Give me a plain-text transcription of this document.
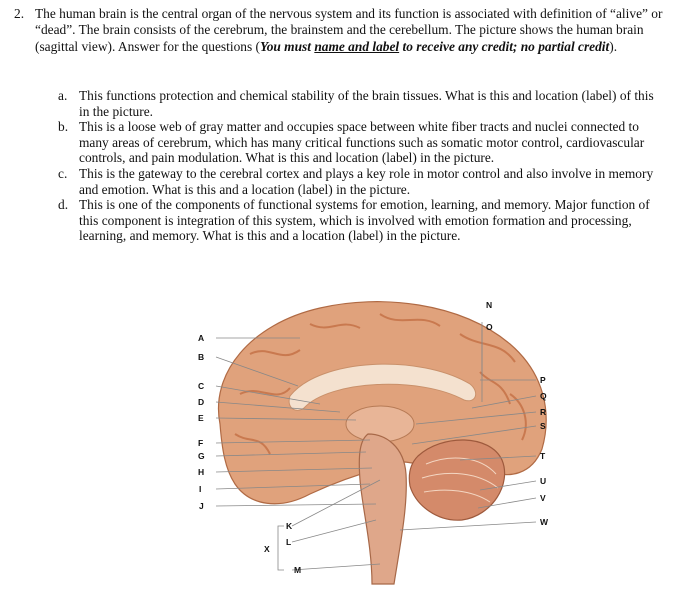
2. The human brain is the central organ of the nervous system and its function is associated with definition of “alive” or “dead”. The brain consists of the cerebrum, the brainstem and the cerebellum. The picture shows the human brain (sagittal view). Answer for the questions (You must name and label to receive any credit; no partial credit).
a. This functions protection and chemical stability of the brain tissues. What is this and location (label) of this in the picture.
b. This is a loose web of gray matter and occupies space between white fiber tracts and nuclei connected to many areas of cerebrum, which has many critical functions such as somatic motor control, cardiovascular controls, and pain modulation. What is this and location (label) in the picture.
c. This is the gateway to the cerebral cortex and plays a key role in motor control and also involve in memory and emotion. What is this and a location (label) in the picture.
d. This is one of the components of functional systems for emotion, learning, and memory. Major function of this component is integration of this system, which is involved with emotion formation and processing, learning, and memory. What is this and a location (label) in the picture.
A
B
C
D
E
F
G
H
I
J
N
O
P
Q
R
S
T
U
V
W
K
L
M
X
